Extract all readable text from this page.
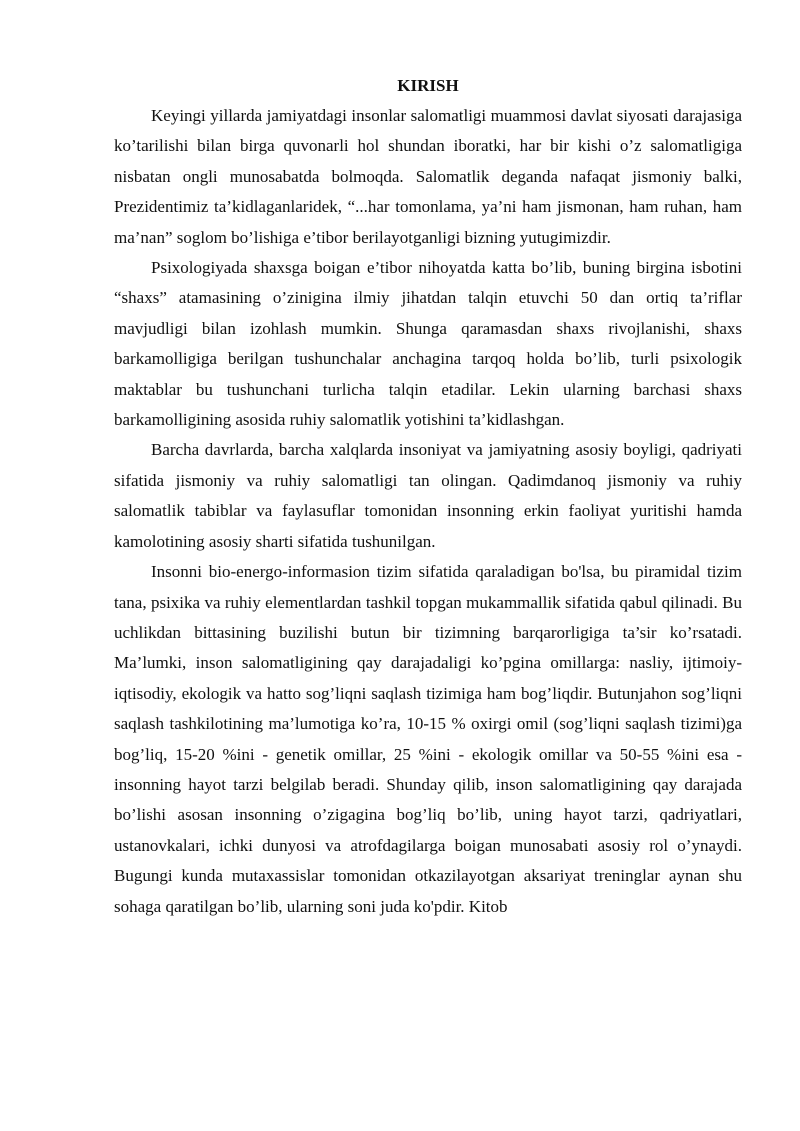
KIRISH

Keyingi yillarda jamiyatdagi insonlar salomatligi muammosi davlat siyosati darajasiga ko’tarilishi bilan birga quvonarli hol shundan iboratki, har bir kishi o’z salomatligiga nisbatan ongli munosabatda bolmoqda. Salomatlik deganda nafaqat jismoniy balki, Prezidentimiz ta’kidlaganlaridek, “...har tomonlama, ya’ni ham jismonan, ham ruhan, ham ma’nan” soglom bo’lishiga e’tibor berilayotganligi bizning yutugimizdir.

Psixologiyada shaxsga boigan e’tibor nihoyatda katta bo’lib, buning birgina isbotini “shaxs” atamasining o’zinigina ilmiy jihatdan talqin etuvchi 50 dan ortiq ta’riflar mavjudligi bilan izohlash mumkin. Shunga qaramasdan shaxs rivojlanishi, shaxs barkamolligiga berilgan tushunchalar anchagina tarqoq holda bo’lib, turli psixologik maktablar bu tushunchani turlicha talqin etadilar. Lekin ularning barchasi shaxs barkamolligining asosida ruhiy salomatlik yotishini ta’kidlashgan.

Barcha davrlarda, barcha xalqlarda insoniyat va jamiyatning asosiy boyligi, qadriyati sifatida jismoniy va ruhiy salomatligi tan olingan. Qadimdanoq jismoniy va ruhiy salomatlik tabiblar va faylasuflar tomonidan insonning erkin faoliyat yuritishi hamda kamolotining asosiy sharti sifatida tushunilgan.

Insonni bio-energo-informasion tizim sifatida qaraladigan bo'lsa, bu piramidal tizim tana, psixika va ruhiy elementlardan tashkil topgan mukammallik sifatida qabul qilinadi. Bu uchlikdan bittasining buzilishi butun bir tizimning barqarorligiga ta’sir ko’rsatadi. Ma’lumki, inson salomatligining qay darajadaligi ko’pgina omillarga: nasliy, ijtimoiy-iqtisodiy, ekologik va hatto sog’liqni saqlash tizimiga ham bog’liqdir. Butunjahon sog’liqni saqlash tashkilotining ma’lumotiga ko’ra, 10-15 % oxirgi omil (sog’liqni saqlash tizimi)ga bog’liq, 15-20 %ini - genetik omillar, 25 %ini - ekologik omillar va 50-55 %ini esa - insonning hayot tarzi belgilab beradi. Shunday qilib, inson salomatligining qay darajada bo’lishi asosan insonning o’zigagina bog’liq bo’lib, uning hayot tarzi, qadriyatlari, ustanovkalari, ichki dunyosi va atrofdagilarga boigan munosabati asosiy rol o’ynaydi. Bugungi kunda mutaxassislar tomonidan otkazilayotgan aksariyat treninglar aynan shu sohaga qaratilgan bo’lib, ularning soni juda ko'pdir. Kitob
